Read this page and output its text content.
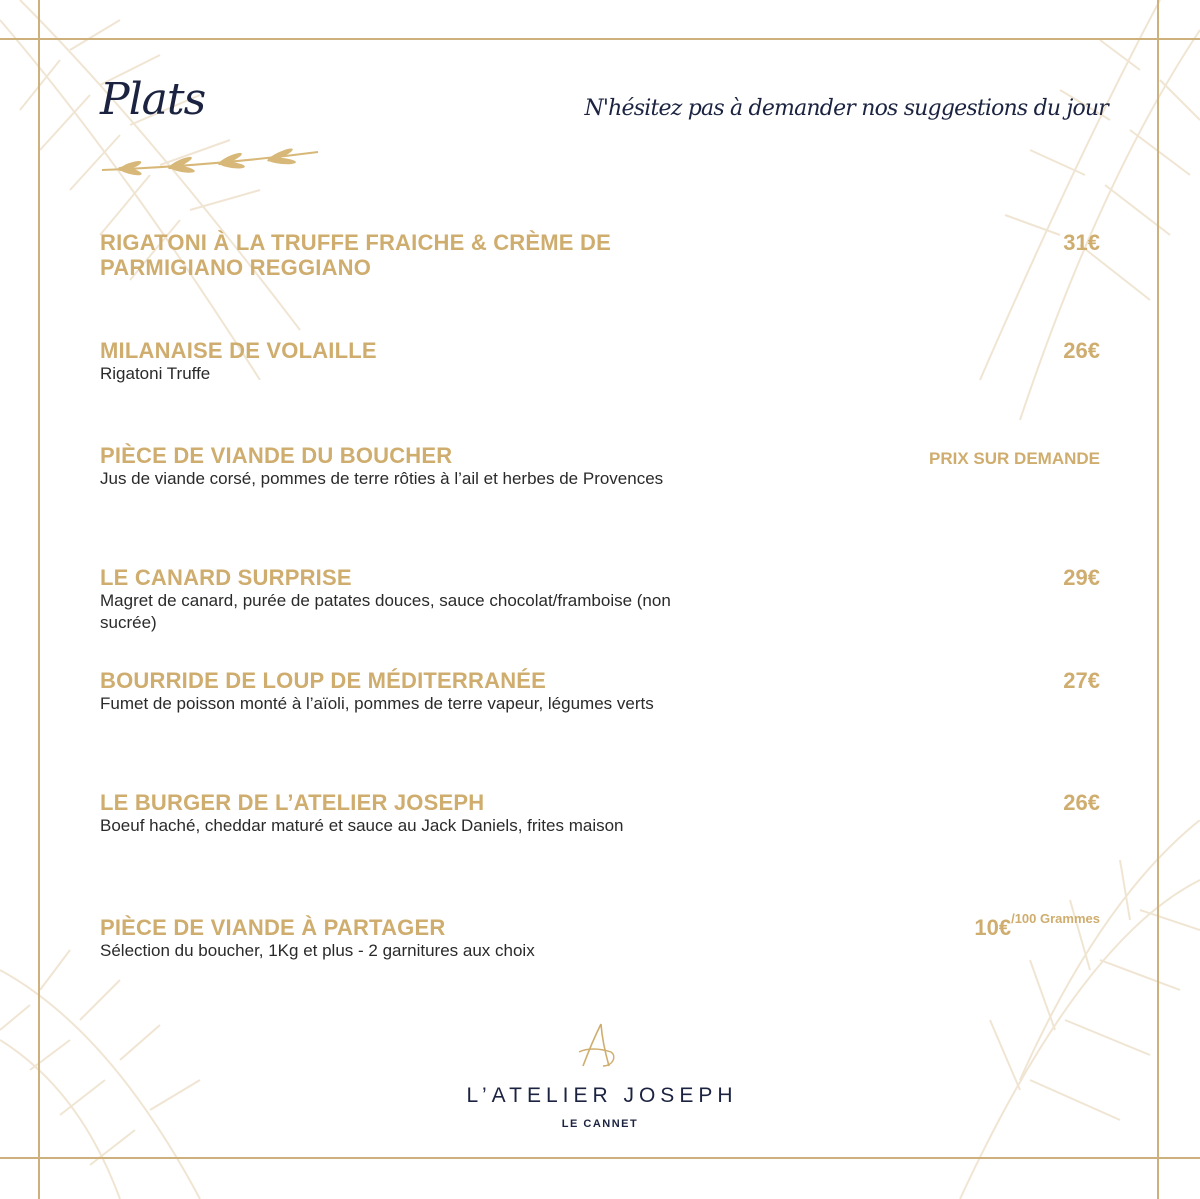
Plats	N'hésitez pas à demander nos suggestions du jour
RIGATONI À LA TRUFFE FRAICHE & CRÈME DE PARMIGIANO REGGIANO
31€
MILANAISE DE VOLAILLE
Rigatoni Truffe
26€
PIÈCE DE VIANDE DU BOUCHER
Jus de viande corsé, pommes de terre rôties à l’ail et herbes de Provences
PRIX SUR DEMANDE
LE CANARD SURPRISE
Magret de canard, purée de patates douces, sauce chocolat/framboise (non sucrée)
29€
BOURRIDE DE LOUP DE MÉDITERRANÉE
Fumet de poisson monté à l’aïoli, pommes de terre vapeur, légumes verts
27€
LE BURGER DE L’ATELIER JOSEPH
Boeuf haché, cheddar maturé et sauce au Jack Daniels, frites maison
26€
PIÈCE DE VIANDE À PARTAGER
Sélection du boucher, 1Kg et plus - 2 garnitures aux choix
10€$^{/100 Grammes}$
L’ATELIER JOSEPH
LE CANNET
